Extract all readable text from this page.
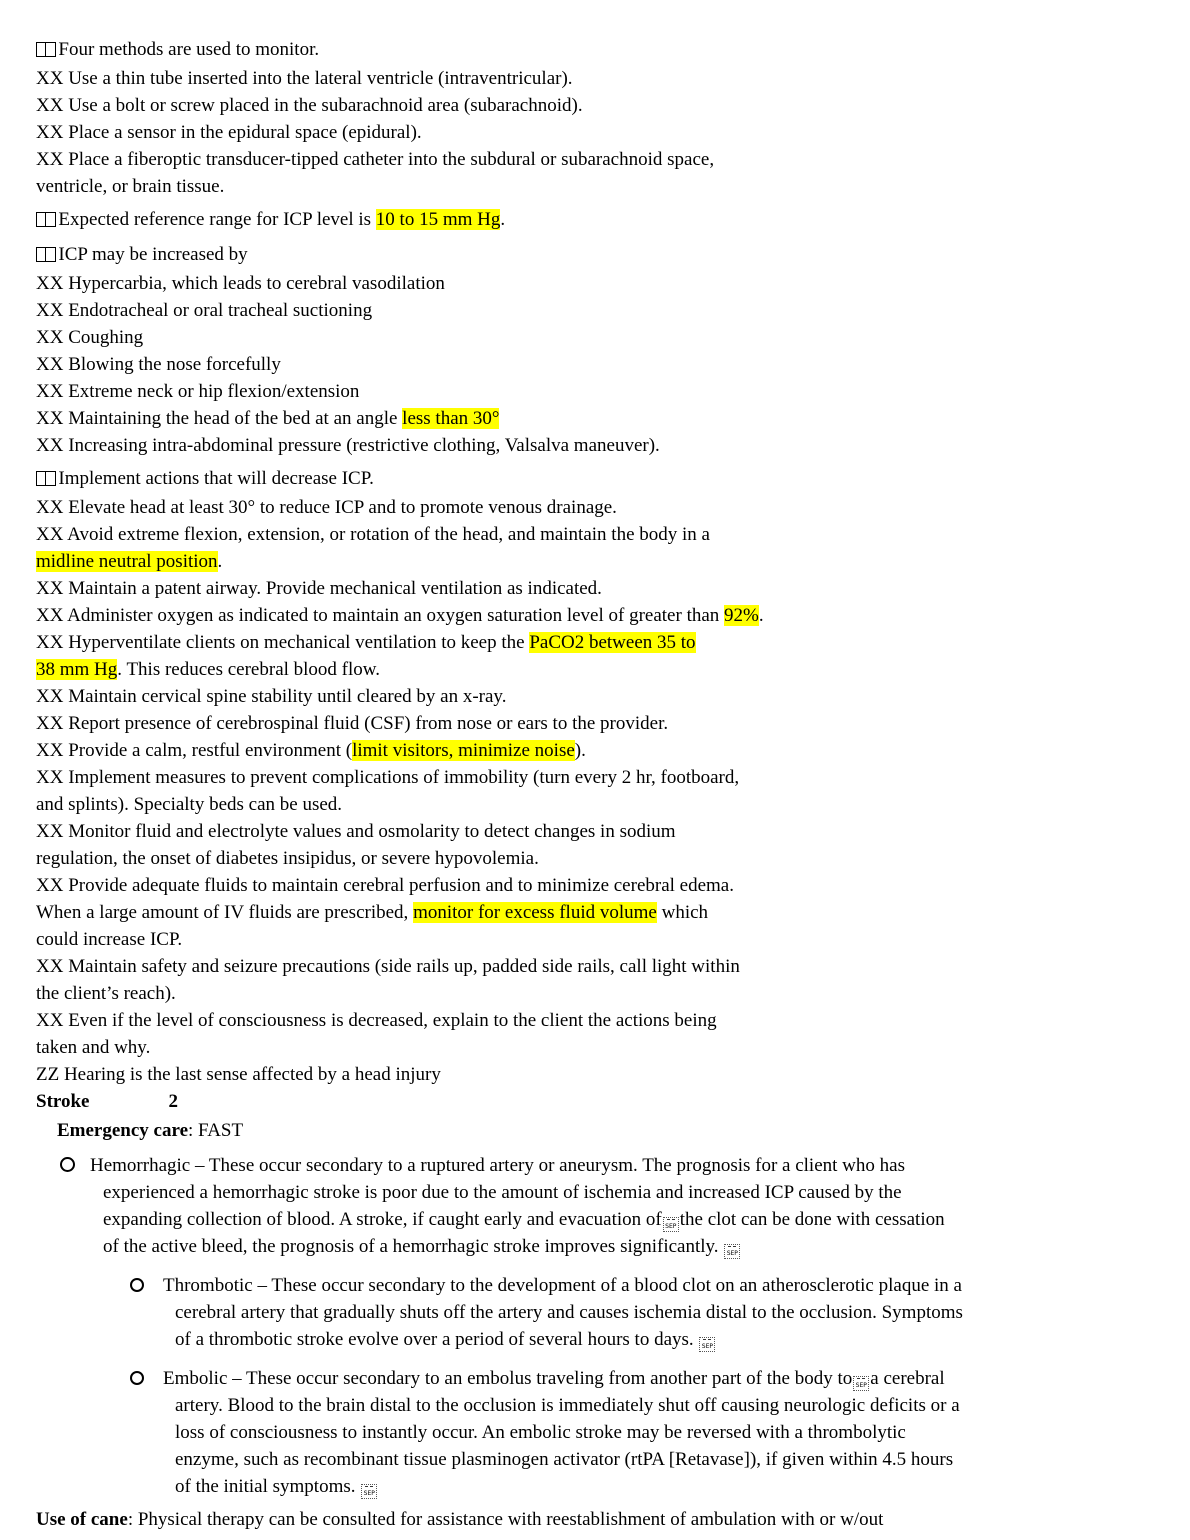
Four methods are used to monitor.
XX Use a thin tube inserted into the lateral ventricle (intraventricular).
XX Use a bolt or screw placed in the subarachnoid area (subarachnoid).
XX Place a sensor in the epidural space (epidural).
XX Place a fiberoptic transducer-tipped catheter into the subdural or subarachnoid space,
ventricle, or brain tissue.
Expected reference range for ICP level is 10 to 15 mm Hg.
ICP may be increased by
XX Hypercarbia, which leads to cerebral vasodilation
XX Endotracheal or oral tracheal suctioning
XX Coughing
XX Blowing the nose forcefully
XX Extreme neck or hip flexion/extension
XX Maintaining the head of the bed at an angle less than 30°
XX Increasing intra-abdominal pressure (restrictive clothing, Valsalva maneuver).
Implement actions that will decrease ICP.
XX Elevate head at least 30° to reduce ICP and to promote venous drainage.
XX Avoid extreme flexion, extension, or rotation of the head, and maintain the body in a
midline neutral position.
XX Maintain a patent airway. Provide mechanical ventilation as indicated.
XX Administer oxygen as indicated to maintain an oxygen saturation level of greater than 92%.
XX Hyperventilate clients on mechanical ventilation to keep the PaCO2 between 35 to
38 mm Hg. This reduces cerebral blood flow.
XX Maintain cervical spine stability until cleared by an x-ray.
XX Report presence of cerebrospinal fluid (CSF) from nose or ears to the provider.
XX Provide a calm, restful environment (limit visitors, minimize noise).
XX Implement measures to prevent complications of immobility (turn every 2 hr, footboard,
and splints). Specialty beds can be used.
XX Monitor fluid and electrolyte values and osmolarity to detect changes in sodium
regulation, the onset of diabetes insipidus, or severe hypovolemia.
XX Provide adequate fluids to maintain cerebral perfusion and to minimize cerebral edema.
When a large amount of IV fluids are prescribed, monitor for excess fluid volume which
could increase ICP.
XX Maintain safety and seizure precautions (side rails up, padded side rails, call light within
the client’s reach).
XX Even if the level of consciousness is decreased, explain to the client the actions being
taken and why.
ZZ Hearing is the last sense affected by a head injury
Stroke	2
Emergency care: FAST
Hemorrhagic – These occur secondary to a ruptured artery or aneurysm. The prognosis for a client who has
experienced a hemorrhagic stroke is poor due to the amount of ischemia and increased ICP caused by the
expanding collection of blood. A stroke, if caught early and evacuation of SEP the clot can be done with cessation
of the active bleed, the prognosis of a hemorrhagic stroke improves significantly. SEP
Thrombotic – These occur secondary to the development of a blood clot on an atherosclerotic plaque in a
cerebral artery that gradually shuts off the artery and causes ischemia distal to the occlusion. Symptoms
of a thrombotic stroke evolve over a period of several hours to days. SEP
Embolic – These occur secondary to an embolus traveling from another part of the body to SEP a cerebral
artery. Blood to the brain distal to the occlusion is immediately shut off causing neurologic deficits or a
loss of consciousness to instantly occur. An embolic stroke may be reversed with a thrombolytic
enzyme, such as recombinant tissue plasminogen activator (rtPA [Retavase]), if given within 4.5 hours
of the initial symptoms. SEP
Use of cane: Physical therapy can be consulted for assistance with reestablishment of ambulation with or w/out
